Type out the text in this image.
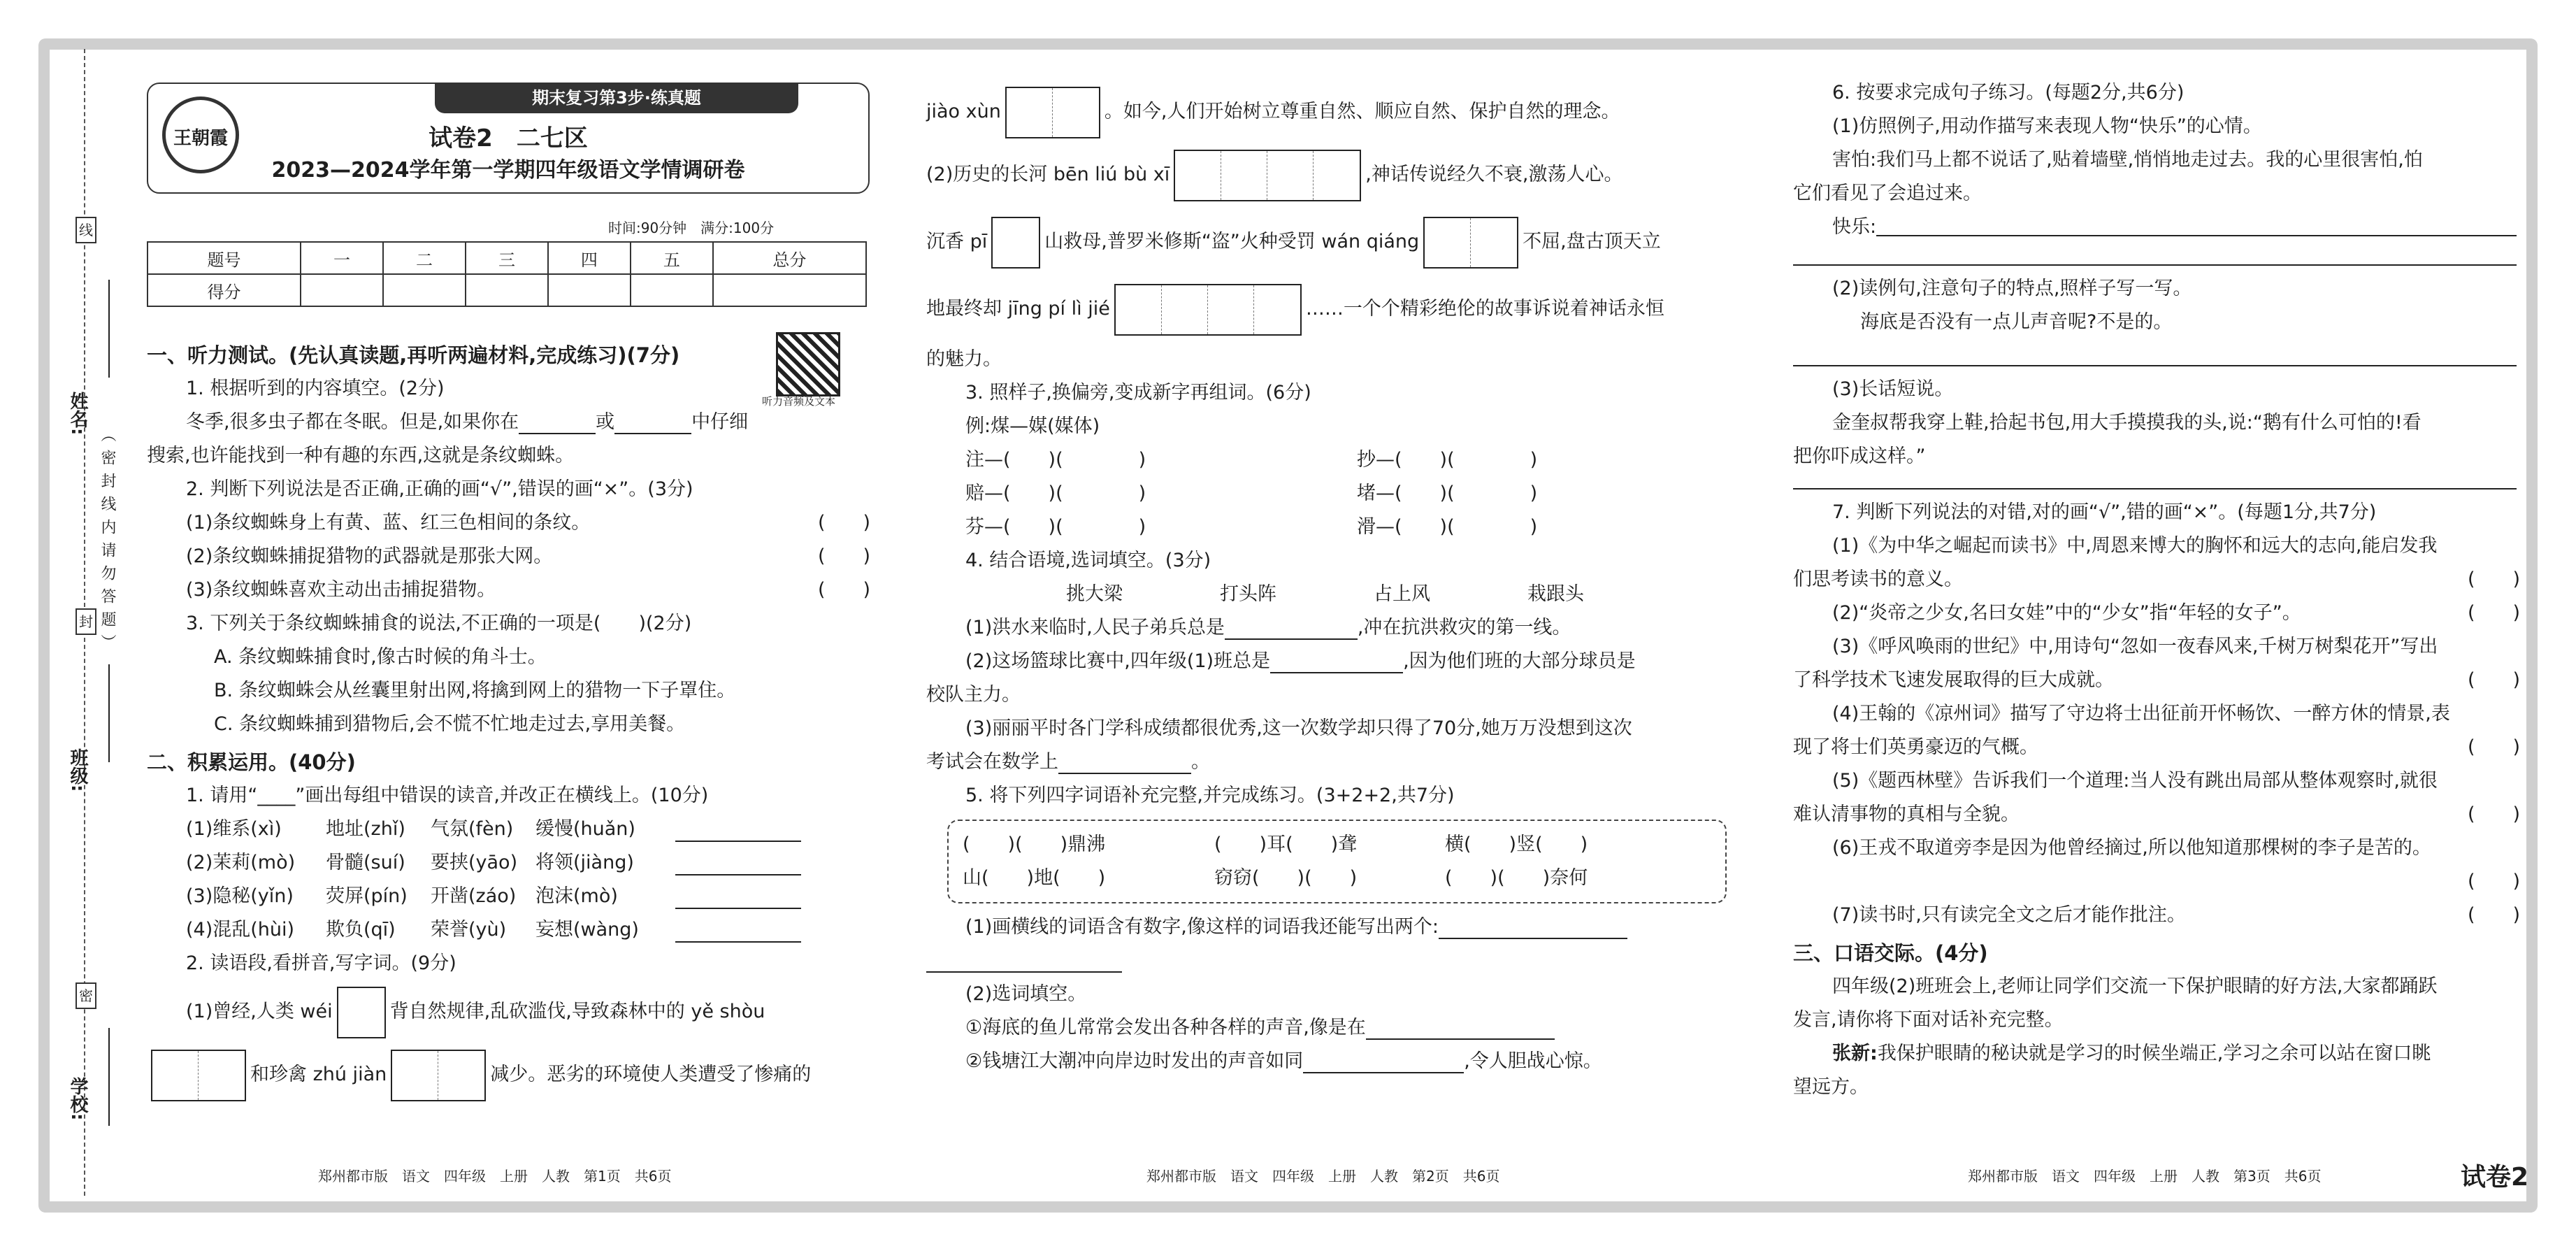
线
封
密
姓名:
班级:
学校:
（ 密 封 线 内 请 勿 答 题 ）
期末复习第3步·练真题
王朝霞	试卷2　二七区
2023—2024学年第一学期四年级语文学情调研卷
时间:90分钟　满分:100分
题号	一	二	三	四	五	总分
得分						
听力音频及文本
一、听力测试。(先认真读题,再听两遍材料,完成练习)(7分)
1. 根据听到的内容填空。(2分)
冬季,很多虫子都在冬眠。但是,如果你在	或	中仔细
搜索,也许能找到一种有趣的东西,这就是条纹蜘蛛。
2. 判断下列说法是否正确,正确的画“√”,错误的画“×”。(3分)
(1)条纹蜘蛛身上有黄、蓝、红三色相间的条纹。	(　　)
(2)条纹蜘蛛捕捉猎物的武器就是那张大网。	(　　)
(3)条纹蜘蛛喜欢主动出击捕捉猎物。	(　　)
3. 下列关于条纹蜘蛛捕食的说法,不正确的一项是(　　)(2分)
A. 条纹蜘蛛捕食时,像古时候的角斗士。
B. 条纹蜘蛛会从丝囊里射出网,将擒到网上的猎物一下子罩住。
C. 条纹蜘蛛捕到猎物后,会不慌不忙地走过去,享用美餐。
二、积累运用。(40分)
1. 请用“____”画出每组中错误的读音,并改正在横线上。(10分)
(1)维系(xì)	地址(zhǐ)	气氛(fèn)	缓慢(huǎn)
(2)茉莉(mò)	骨髓(suí)	要挟(yāo) 将领(jiàng)
(3)隐秘(yǐn)	荧屏(pín)	开凿(záo)	泡沫(mò)
(4)混乱(hùi)	欺负(qī)	荣誉(yù)	妄想(wàng)
2. 读语段,看拼音,写字词。(9分)
(1)曾经,人类 wéi	背自然规律,乱砍滥伐,导致森林中的 yě shòu
和珍禽 zhú jiàn	减少。恶劣的环境使人类遭受了惨痛的
jiào xùn	。如今,人们开始树立尊重自然、顺应自然、保护自然的理念。
(2)历史的长河 bēn liú bù xī	,神话传说经久不衰,激荡人心。
沉香 pī	山救母,普罗米修斯“盗”火种受罚 wán qiáng	不屈,盘古顶天立
地最终却 jīng pí lì jié	……一个个精彩绝伦的故事诉说着神话永恒
的魅力。
3. 照样子,换偏旁,变成新字再组词。(6分)
例:煤—媒(媒体)
注—(　　)(　　　　)	抄—(　　)(　　　　)
赔—(　　)(　　　　)	堵—(　　)(　　　　)
芬—(　　)(　　　　)	滑—(　　)(　　　　)
4. 结合语境,选词填空。(3分)
挑大梁	打头阵	占上风	栽跟头
(1)洪水来临时,人民子弟兵总是	,冲在抗洪救灾的第一线。
(2)这场篮球比赛中,四年级(1)班总是	,因为他们班的大部分球员是
校队主力。
(3)丽丽平时各门学科成绩都很优秀,这一次数学却只得了70分,她万万没想到这次
考试会在数学上	。
5. 将下列四字词语补充完整,并完成练习。(3+2+2,共7分)
(　　)(　　)鼎沸	(　　)耳(　　)聋	横(　　)竖(　　)
山(　　)地(　　)	窃窃(　　)(　　)	(　　)(　　)奈何
(1)画横线的词语含有数字,像这样的词语我还能写出两个:
(2)选词填空。
①海底的鱼儿常常会发出各种各样的声音,像是在
②钱塘江大潮冲向岸边时发出的声音如同	,令人胆战心惊。
6. 按要求完成句子练习。(每题2分,共6分)
(1)仿照例子,用动作描写来表现人物“快乐”的心情。
害怕:我们马上都不说话了,贴着墙壁,悄悄地走过去。我的心里很害怕,怕
它们看见了会追过来。
快乐:
(2)读例句,注意句子的特点,照样子写一写。
海底是否没有一点儿声音呢?不是的。
(3)长话短说。
金奎叔帮我穿上鞋,拾起书包,用大手摸摸我的头,说:“鹅有什么可怕的!看
把你吓成这样。”
7. 判断下列说法的对错,对的画“√”,错的画“×”。(每题1分,共7分)
(1)《为中华之崛起而读书》中,周恩来博大的胸怀和远大的志向,能启发我
们思考读书的意义。	(　　)
(2)“炎帝之少女,名曰女娃”中的“少女”指“年轻的女子”。	(　　)
(3)《呼风唤雨的世纪》中,用诗句“忽如一夜春风来,千树万树梨花开”写出
了科学技术飞速发展取得的巨大成就。	(　　)
(4)王翰的《凉州词》描写了守边将士出征前开怀畅饮、一醉方休的情景,表
现了将士们英勇豪迈的气概。	(　　)
(5)《题西林壁》告诉我们一个道理:当人没有跳出局部从整体观察时,就很
难认清事物的真相与全貌。	(　　)
(6)王戎不取道旁李是因为他曾经摘过,所以他知道那棵树的李子是苦的。
(　　)
(7)读书时,只有读完全文之后才能作批注。	(　　)
三、口语交际。(4分)
四年级(2)班班会上,老师让同学们交流一下保护眼睛的好方法,大家都踊跃
发言,请你将下面对话补充完整。
张新:我保护眼睛的秘诀就是学习的时候坐端正,学习之余可以站在窗口眺
望远方。
郑州都市版　语文　四年级　上册　人教　第1页　共6页	郑州都市版　语文　四年级　上册　人教　第2页　共6页	郑州都市版　语文　四年级　上册　人教　第3页　共6页	试卷2
